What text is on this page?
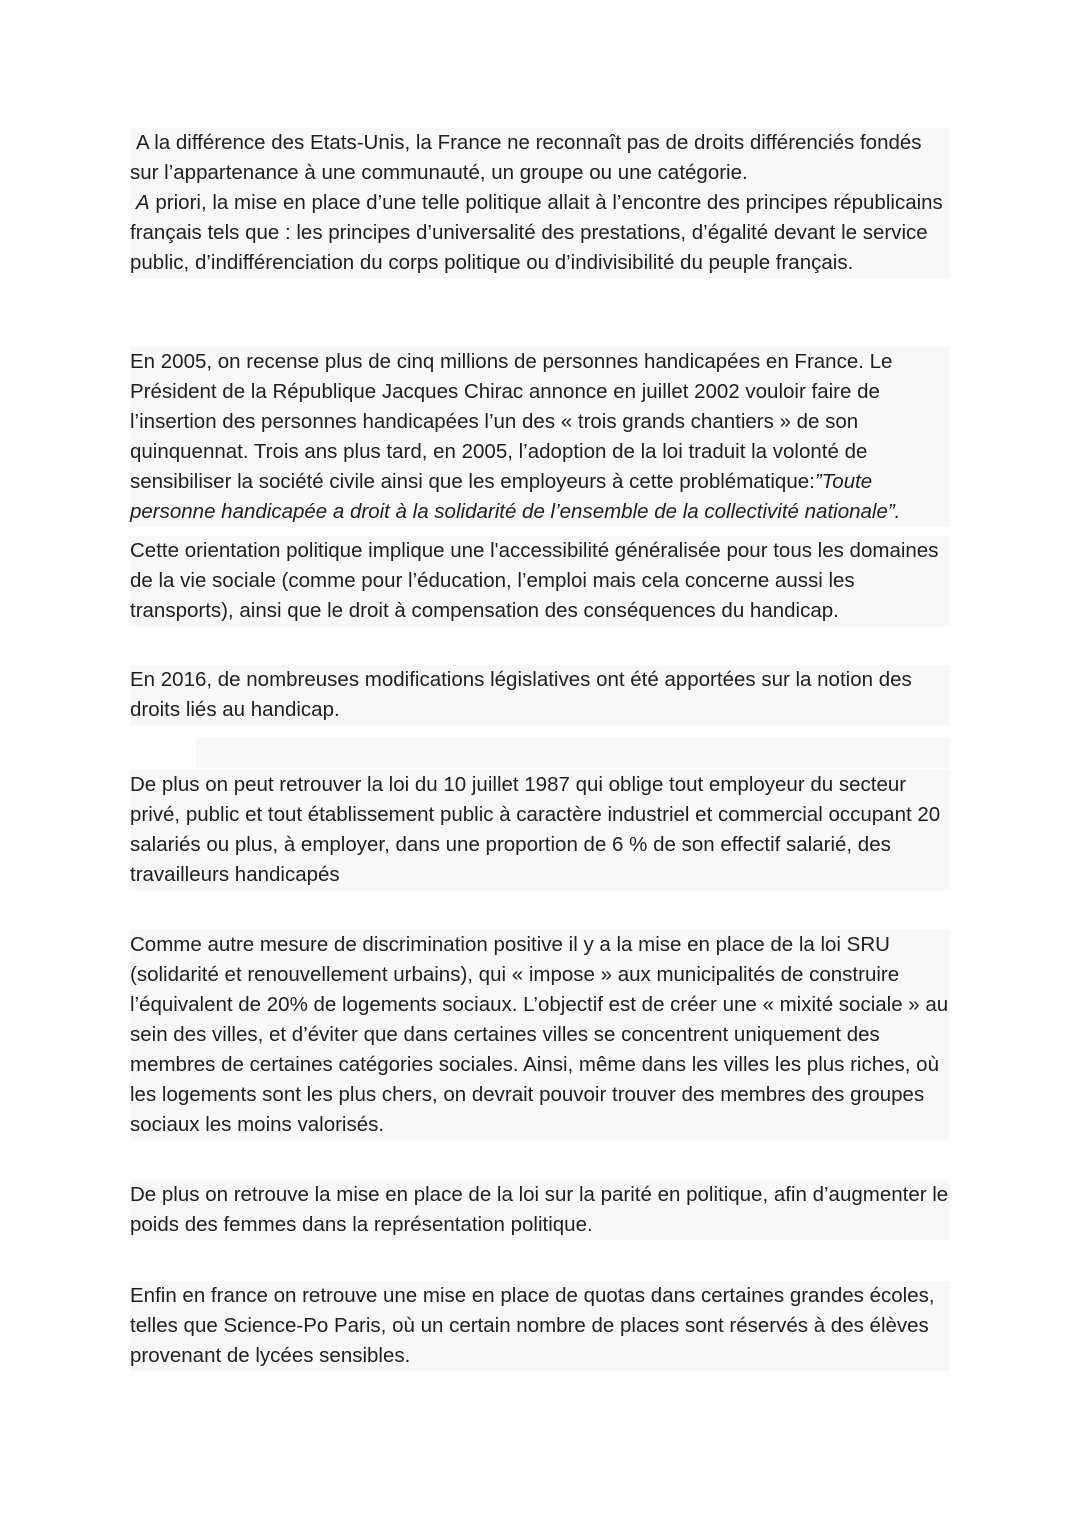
A la différence des Etats-Unis, la France ne reconnaît pas de droits différenciés fondés sur l’appartenance à une communauté, un groupe ou une catégorie.
A priori, la mise en place d’une telle politique allait à l’encontre des principes républicains français tels que : les principes d’universalité des prestations, d’égalité devant le service public, d’indifférenciation du corps politique ou d’indivisibilité du peuple français.

En 2005, on recense plus de cinq millions de personnes handicapées en France. Le Président de la République Jacques Chirac annonce en juillet 2002 vouloir faire de l’insertion des personnes handicapées l’un des « trois grands chantiers » de son quinquennat. Trois ans plus tard, en 2005, l’adoption de la loi traduit la volonté de sensibiliser la société civile ainsi que les employeurs à cette problématique:”Toute personne handicapée a droit à la solidarité de l’ensemble de la collectivité nationale”.

Cette orientation politique implique une l'accessibilité généralisée pour tous les domaines de la vie sociale (comme pour l’éducation, l’emploi mais cela concerne aussi les transports), ainsi que le droit à compensation des conséquences du handicap.

En 2016, de nombreuses modifications législatives ont été apportées sur la notion des droits liés au handicap.

De plus on peut retrouver la loi du 10 juillet 1987 qui oblige tout employeur du secteur privé, public et tout établissement public à caractère industriel et commercial occupant 20 salariés ou plus, à employer, dans une proportion de 6 % de son effectif salarié, des travailleurs handicapés

Comme autre mesure de discrimination positive il y a la mise en place de la loi SRU (solidarité et renouvellement urbains), qui « impose » aux municipalités de construire l’équivalent de 20% de logements sociaux. L’objectif est de créer une « mixité sociale » au sein des villes, et d’éviter que dans certaines villes se concentrent uniquement des membres de certaines catégories sociales. Ainsi, même dans les villes les plus riches, où les logements sont les plus chers, on devrait pouvoir trouver des membres des groupes sociaux les moins valorisés.

De plus on retrouve la mise en place de la loi sur la parité en politique, afin d’augmenter le poids des femmes dans la représentation politique.

Enfin en france on retrouve une mise en place de quotas dans certaines grandes écoles, telles que Science-Po Paris, où un certain nombre de places sont réservés à des élèves provenant de lycées sensibles.
